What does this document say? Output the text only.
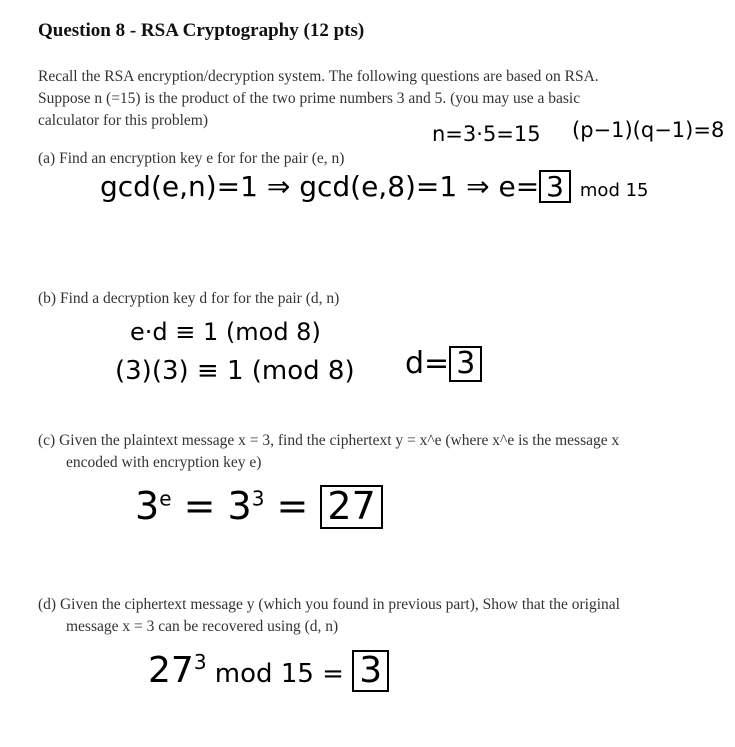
Question 8 - RSA Cryptography (12 pts)
Recall the RSA encryption/decryption system. The following questions are based on RSA.
Suppose n (=15) is the product of the two prime numbers 3 and 5. (you may use a basic
calculator for this problem)
n=3·5=15 (p−1)(q−1)=8
(a) Find an encryption key e for for the pair (e, n)
gcd(e,n)=1 ⇒ gcd(e,8)=1 ⇒ e= 3 mod 15
(b) Find a decryption key d for for the pair (d, n)
e·d ≡ 1 (mod 8)
(3)(3) ≡ 1 (mod 8) d= 3
(c) Given the plaintext message x = 3, find the ciphertext y = x^e (where x^e is the message x
encoded with encryption key e)
$3^e = 3^3 = 27$
(d) Given the ciphertext message y (which you found in previous part), Show that the original
message x = 3 can be recovered using (d, n)
$27^3$ mod 15 = 3
